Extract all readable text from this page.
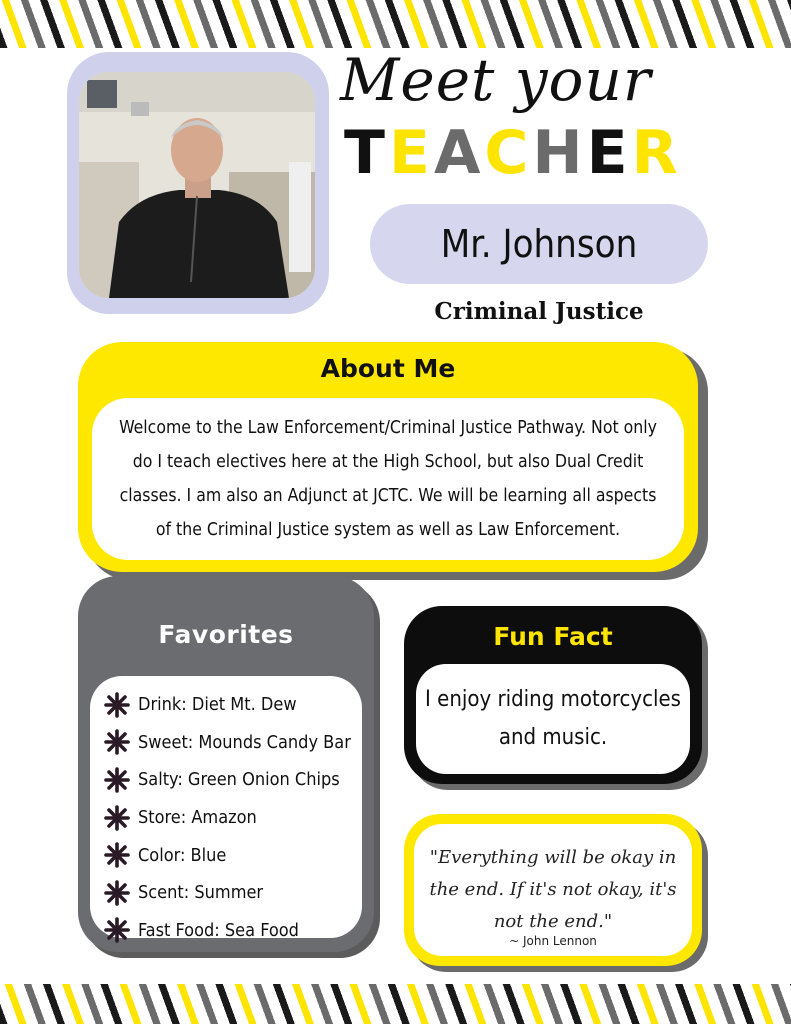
Meet your
T E A C H E R
Mr. Johnson
Criminal Justice
About Me
Welcome to the Law Enforcement/Criminal Justice Pathway. Not only do I teach electives here at the High School, but also Dual Credit classes. I am also an Adjunct at JCTC. We will be learning all aspects of the Criminal Justice system as well as Law Enforcement.
Favorites
Drink: Diet Mt. Dew
Sweet: Mounds Candy Bar
Salty: Green Onion Chips
Store: Amazon
Color: Blue
Scent: Summer
Fast Food: Sea Food
Fun Fact
I enjoy riding motorcycles and music.
"Everything will be okay in the end. If it's not okay, it's not the end."
~ John Lennon
